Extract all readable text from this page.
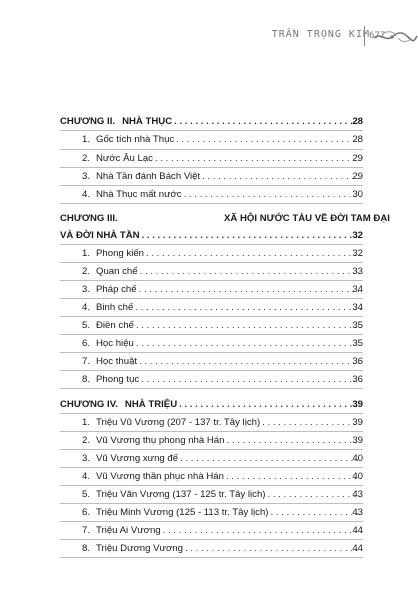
TRẦN TRỌNG KIM 677
CHƯƠNG II. NHÀ THỤC . . .	28
1. Gốc tích nhà Thục . . .	28
2. Nước Âu Lạc . . .	29
3. Nhà Tần đánh Bách Việt . . .	29
4. Nhà Thục mất nước . . .	30
CHƯƠNG III.	XÃ HỘI NƯỚC TÀU VỀ ĐỜI TAM ĐẠI
VÀ ĐỜI NHÀ TẦN . . .	32
1. Phong kiến . . .	32
2. Quan chế . . .	33
3. Pháp chế . . .	34
4. Binh chế . . .	34
5. Điền chế . . .	35
6. Học hiệu . . .	35
7. Học thuật . . .	36
8. Phong tục . . .	36
CHƯƠNG IV. NHÀ TRIỆU . . .	39
1. Triệu Vũ Vương (207 - 137 tr. Tây lịch) . . .	39
2. Vũ Vương thụ phong nhà Hán . . .	39
3. Vũ Vương xưng đế . . .	40
4. Vũ Vương thần phục nhà Hán . . .	40
5. Triệu Văn Vương (137 - 125 tr. Tây lịch) . . .	43
6. Triệu Minh Vương (125 - 113 tr. Tây lịch) . . .	43
7. Triệu Ai Vương . . .	44
8. Triệu Dương Vương . . .	44
